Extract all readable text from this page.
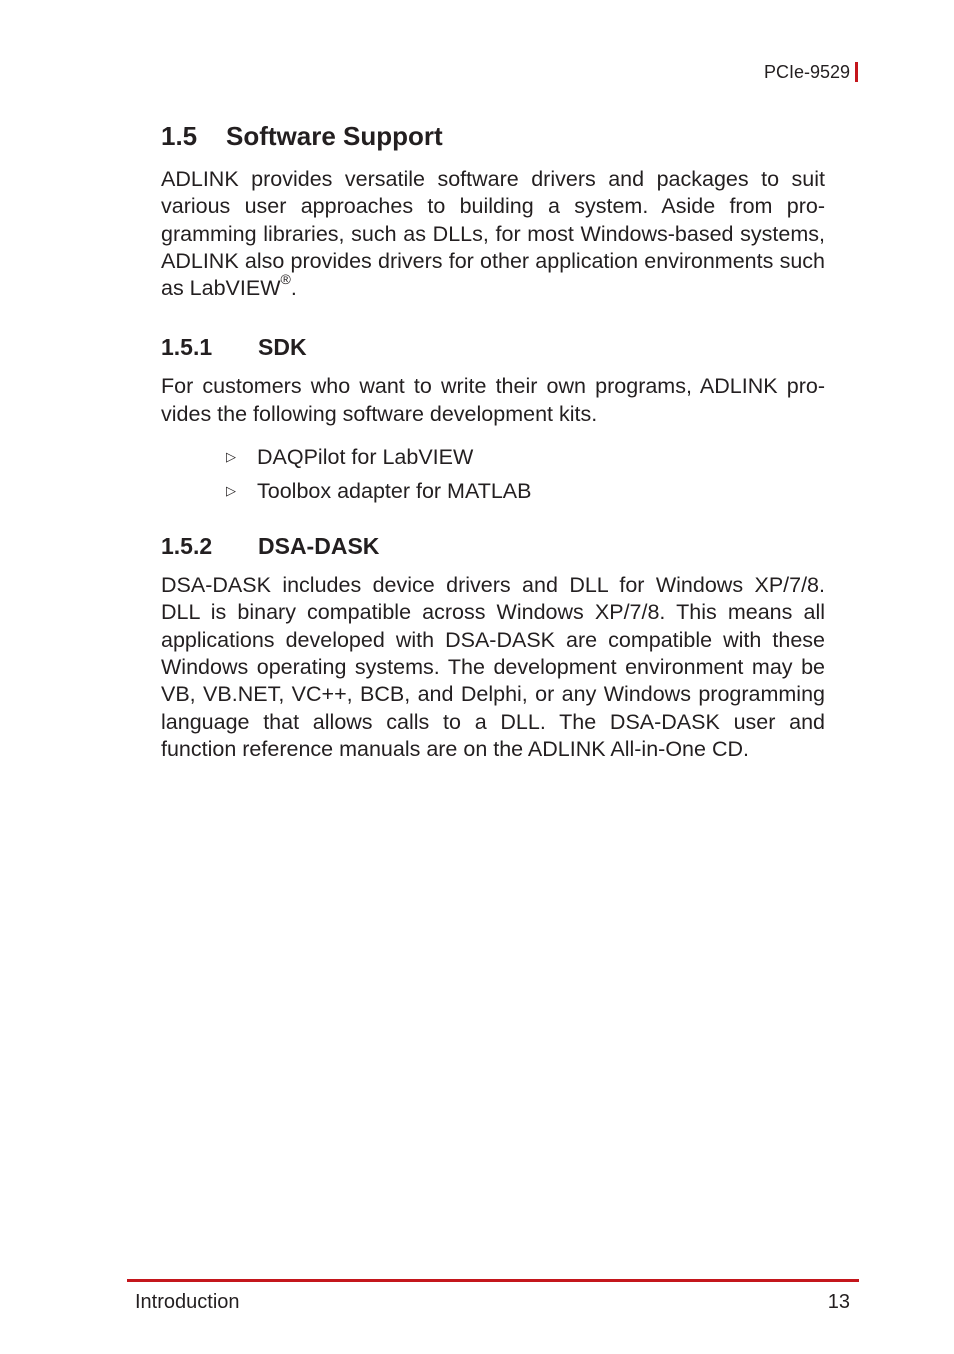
PCIe-9529
1.5 Software Support

ADLINK provides versatile software drivers and packages to suit various user approaches to building a system. Aside from programming libraries, such as DLLs, for most Windows-based systems, ADLINK also provides drivers for other application environments such as LabVIEW®.

1.5.1 SDK

For customers who want to write their own programs, ADLINK provides the following software development kits.

▷ DAQPilot for LabVIEW
▷ Toolbox adapter for MATLAB
1.5.2 DSA-DASK

DSA-DASK includes device drivers and DLL for Windows XP/7/8. DLL is binary compatible across Windows XP/7/8. This means all applications developed with DSA-DASK are compatible with these Windows operating systems. The development environment may be VB, VB.NET, VC++, BCB, and Delphi, or any Windows programming language that allows calls to a DLL. The DSA-DASK user and function reference manuals are on the ADLINK All-in-One CD.

Introduction	13
